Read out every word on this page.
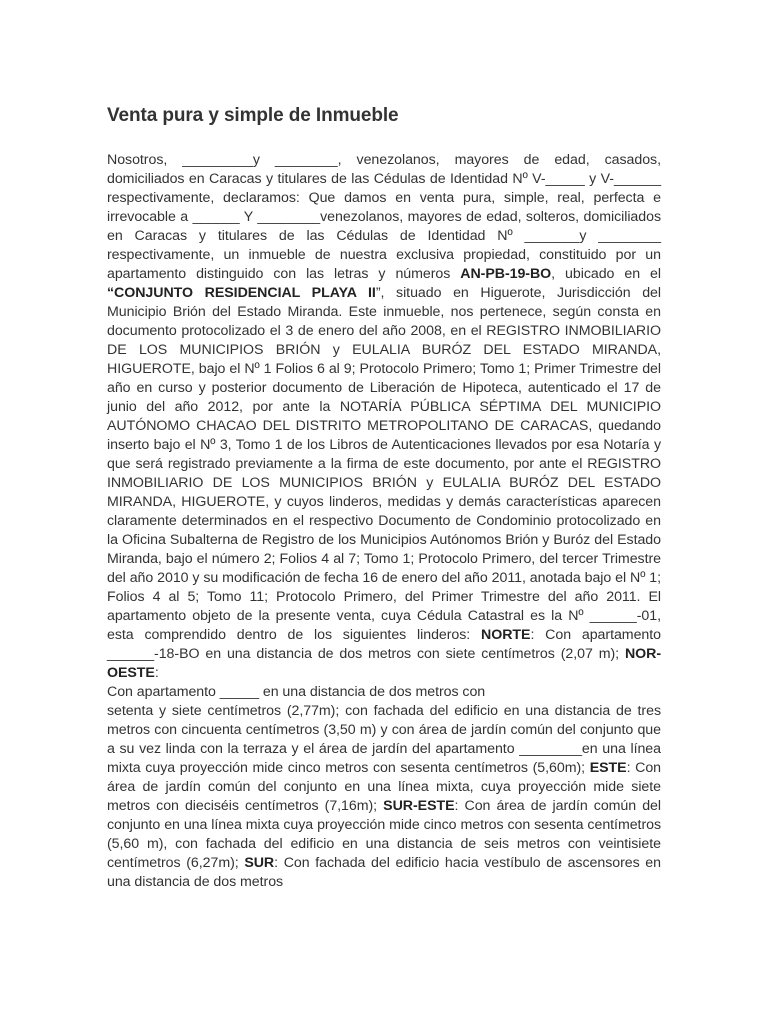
Venta pura y simple de Inmueble

Nosotros, _________y ________, venezolanos, mayores de edad, casados, domiciliados en Caracas y titulares de las Cédulas de Identidad Nº V-_____ y V-______ respectivamente, declaramos: Que damos en venta pura, simple, real, perfecta e irrevocable a ______ Y ________venezolanos, mayores de edad, solteros, domiciliados en Caracas y titulares de las Cédulas de Identidad Nº _______y ________ respectivamente, un inmueble de nuestra exclusiva propiedad, constituido por un apartamento distinguido con las letras y números AN-PB-19-BO, ubicado en el “CONJUNTO RESIDENCIAL PLAYA II”, situado en Higuerote, Jurisdicción del Municipio Brión del Estado Miranda. Este inmueble, nos pertenece, según consta en documento protocolizado el 3 de enero del año 2008, en el REGISTRO INMOBILIARIO DE LOS MUNICIPIOS BRIÓN y EULALIA BURÓZ DEL ESTADO MIRANDA, HIGUEROTE, bajo el Nº 1 Folios 6 al 9; Protocolo Primero; Tomo 1; Primer Trimestre del año en curso y posterior documento de Liberación de Hipoteca, autenticado el 17 de junio del año 2012, por ante la NOTARÍA PÚBLICA SÉPTIMA DEL MUNICIPIO AUTÓNOMO CHACAO DEL DISTRITO METROPOLITANO DE CARACAS, quedando inserto bajo el Nº 3, Tomo 1 de los Libros de Autenticaciones llevados por esa Notaría y que será registrado previamente a la firma de este documento, por ante el REGISTRO INMOBILIARIO DE LOS MUNICIPIOS BRIÓN y EULALIA BURÓZ DEL ESTADO MIRANDA, HIGUEROTE, y cuyos linderos, medidas y demás características aparecen claramente determinados en el respectivo Documento de Condominio protocolizado en la Oficina Subalterna de Registro de los Municipios Autónomos Brión y Buróz del Estado Miranda, bajo el número 2; Folios 4 al 7; Tomo 1; Protocolo Primero, del tercer Trimestre del año 2010 y su modificación de fecha 16 de enero del año 2011, anotada bajo el Nº 1; Folios 4 al 5; Tomo 11; Protocolo Primero, del Primer Trimestre del año 2011. El apartamento objeto de la presente venta, cuya Cédula Catastral es la Nº ______-01, esta comprendido dentro de los siguientes linderos: NORTE: Con apartamento ______-18-BO en una distancia de dos metros con siete centímetros (2,07 m); NOR-OESTE:

Con apartamento _____ en una distancia de dos metros con

setenta y siete centímetros (2,77m); con fachada del edificio en una distancia de tres metros con cincuenta centímetros (3,50 m) y con área de jardín común del conjunto que a su vez linda con la terraza y el área de jardín del apartamento ________en una línea mixta cuya proyección mide cinco metros con sesenta centímetros (5,60m); ESTE: Con área de jardín común del conjunto en una línea mixta, cuya proyección mide siete metros con dieciséis centímetros (7,16m); SUR-ESTE: Con área de jardín común del conjunto en una línea mixta cuya proyección mide cinco metros con sesenta centímetros (5,60 m), con fachada del edificio en una distancia de seis metros con veintisiete centímetros (6,27m); SUR: Con fachada del edificio hacia vestíbulo de ascensores en una distancia de dos metros
